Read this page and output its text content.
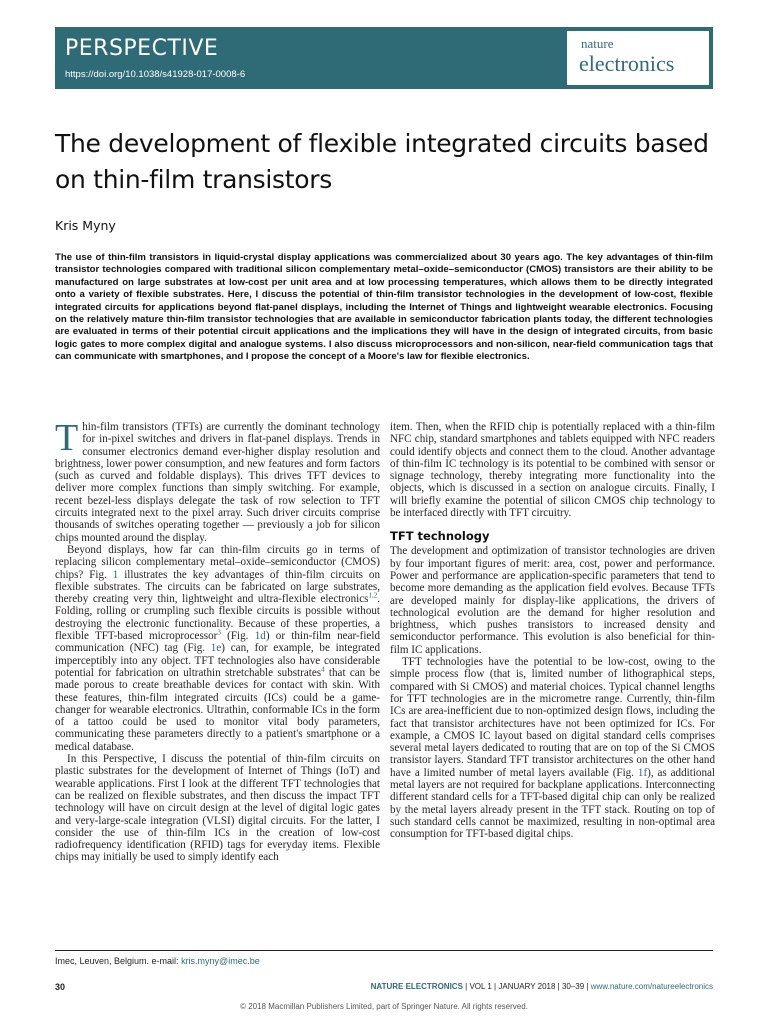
PERSPECTIVE
https://doi.org/10.1038/s41928-017-0008-6
nature
electronics
The development of flexible integrated circuits based on thin-film transistors
Kris Myny

The use of thin-film transistors in liquid-crystal display applications was commercialized about 30 years ago. The key advantages of thin-film transistor technologies compared with traditional silicon complementary metal–oxide–semiconductor (CMOS) transistors are their ability to be manufactured on large substrates at low-cost per unit area and at low processing temperatures, which allows them to be directly integrated onto a variety of flexible substrates. Here, I discuss the potential of thin-film transistor technologies in the development of low-cost, flexible integrated circuits for applications beyond flat-panel displays, including the Internet of Things and lightweight wearable electronics. Focusing on the relatively mature thin-film transistor technologies that are available in semiconductor fabrication plants today, the different technologies are evaluated in terms of their potential circuit applications and the implications they will have in the design of integrated circuits, from basic logic gates to more complex digital and analogue systems. I also discuss microprocessors and non-silicon, near-field communication tags that can communicate with smartphones, and I propose the concept of a Moore's law for flexible electronics.

Thin-film transistors (TFTs) are currently the dominant technology for in-pixel switches and drivers in flat-panel displays. Trends in consumer electronics demand ever-higher display resolution and brightness, lower power consumption, and new features and form factors (such as curved and foldable displays). This drives TFT devices to deliver more complex functions than simply switching. For example, recent bezel-less displays delegate the task of row selection to TFT circuits integrated next to the pixel array. Such driver circuits comprise thousands of switches operating together — previously a job for silicon chips mounted around the display.

Beyond displays, how far can thin-film circuits go in terms of replacing silicon complementary metal–oxide–semiconductor (CMOS) chips? Fig. 1 illustrates the key advantages of thin-film circuits on flexible substrates. The circuits can be fabricated on large substrates, thereby creating very thin, lightweight and ultra-flexible electronics$^{1,2}$. Folding, rolling or crumpling such flexible circuits is possible without destroying the electronic functionality. Because of these properties, a flexible TFT-based microprocessor$^3$ (Fig. 1d) or thin-film near-field communication (NFC) tag (Fig. 1e) can, for example, be integrated imperceptibly into any object. TFT technologies also have considerable potential for fabrication on ultrathin stretchable substrates$^4$ that can be made porous to create breathable devices for contact with skin. With these features, thin-film integrated circuits (ICs) could be a game-changer for wearable electronics. Ultrathin, conformable ICs in the form of a tattoo could be used to monitor vital body parameters, communicating these parameters directly to a patient's smartphone or a medical database.

In this Perspective, I discuss the potential of thin-film circuits on plastic substrates for the development of Internet of Things (IoT) and wearable applications. First I look at the different TFT technologies that can be realized on flexible substrates, and then discuss the impact TFT technology will have on circuit design at the level of digital logic gates and very-large-scale integration (VLSI) digital circuits. For the latter, I consider the use of thin-film ICs in the creation of low-cost radiofrequency identification (RFID) tags for everyday items. Flexible chips may initially be used to simply identify each

item. Then, when the RFID chip is potentially replaced with a thin-film NFC chip, standard smartphones and tablets equipped with NFC readers could identify objects and connect them to the cloud. Another advantage of thin-film IC technology is its potential to be combined with sensor or signage technology, thereby integrating more functionality into the objects, which is discussed in a section on analogue circuits. Finally, I will briefly examine the potential of silicon CMOS chip technology to be interfaced directly with TFT circuitry.

TFT technology

The development and optimization of transistor technologies are driven by four important figures of merit: area, cost, power and performance. Power and performance are application-specific parameters that tend to become more demanding as the application field evolves. Because TFTs are developed mainly for display-like applications, the drivers of technological evolution are the demand for higher resolution and brightness, which pushes transistors to increased density and semiconductor performance. This evolution is also beneficial for thin-film IC applications.

TFT technologies have the potential to be low-cost, owing to the simple process flow (that is, limited number of lithographical steps, compared with Si CMOS) and material choices. Typical channel lengths for TFT technologies are in the micrometre range. Currently, thin-film ICs are area-inefficient due to non-optimized design flows, including the fact that transistor architectures have not been optimized for ICs. For example, a CMOS IC layout based on digital standard cells comprises several metal layers dedicated to routing that are on top of the Si CMOS transistor layers. Standard TFT transistor architectures on the other hand have a limited number of metal layers available (Fig. 1f), as additional metal layers are not required for backplane applications. Interconnecting different standard cells for a TFT-based digital chip can only be realized by the metal layers already present in the TFT stack. Routing on top of such standard cells cannot be maximized, resulting in non-optimal area consumption for TFT-based digital chips.

Imec, Leuven, Belgium. e-mail: kris.myny@imec.be
30	NATURE ELECTRONICS | VOL 1 | JANUARY 2018 | 30–39 | www.nature.com/natureelectronics
© 2018 Macmillan Publishers Limited, part of Springer Nature. All rights reserved.
